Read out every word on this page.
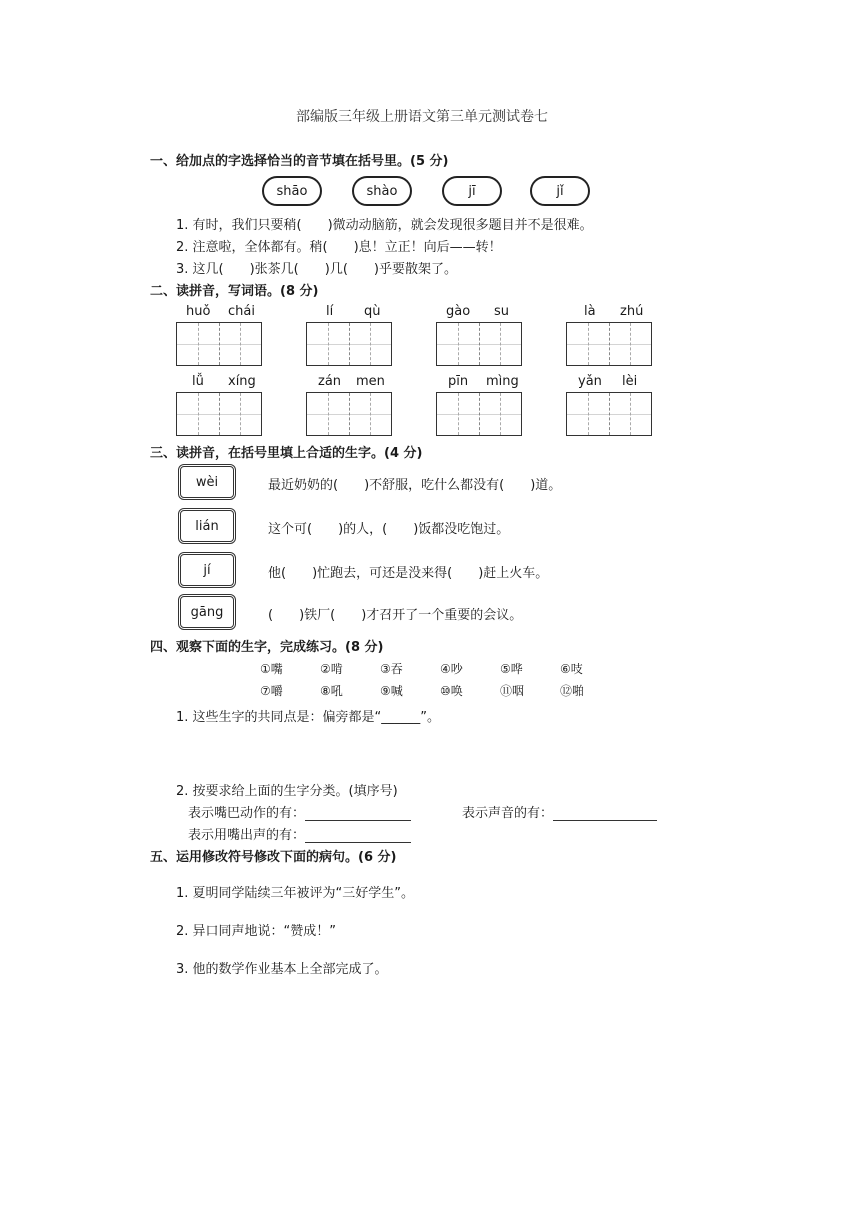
部编版三年级上册语文第三单元测试卷七
一、给加点的字选择恰当的音节填在括号里。(5 分)
shāo	shào	jī	jǐ
1. 有时，我们只要稍(　　)微动动脑筋，就会发现很多题目并不是很难。
2. 注意啦，全体都有。稍(　　)息！立正！向后——转！
3. 这几(　　)张茶几(　　)几(　　)乎要散架了。
二、读拼音，写词语。(8 分)
huǒ chái	lí qù	gào su	là zhú
lǚ xíng	zán men	pīn mìng	yǎn lèi
三、读拼音，在括号里填上合适的生字。(4 分)
wèi	最近奶奶的(　　)不舒服，吃什么都没有(　　)道。
lián	这个可(　　)的人，(　　)饭都没吃饱过。
jí	他(　　)忙跑去，可还是没来得(　　)赶上火车。
gāng	(　　)铁厂(　　)才召开了一个重要的会议。
四、观察下面的生字，完成练习。(8 分)
①嘴	②啃	③吞	④吵	⑤哗	⑥吱
⑦嚼	⑧吼	⑨喊	⑩唤	⑪咽	⑫啪
1. 这些生字的共同点是：偏旁都是“______”。
2. 按要求给上面的生字分类。(填序号)
表示嘴巴动作的有：	表示声音的有：
表示用嘴出声的有：
五、运用修改符号修改下面的病句。(6 分)
1. 夏明同学陆续三年被评为“三好学生”。
2. 异口同声地说：“赞成！”
3. 他的数学作业基本上全部完成了。
